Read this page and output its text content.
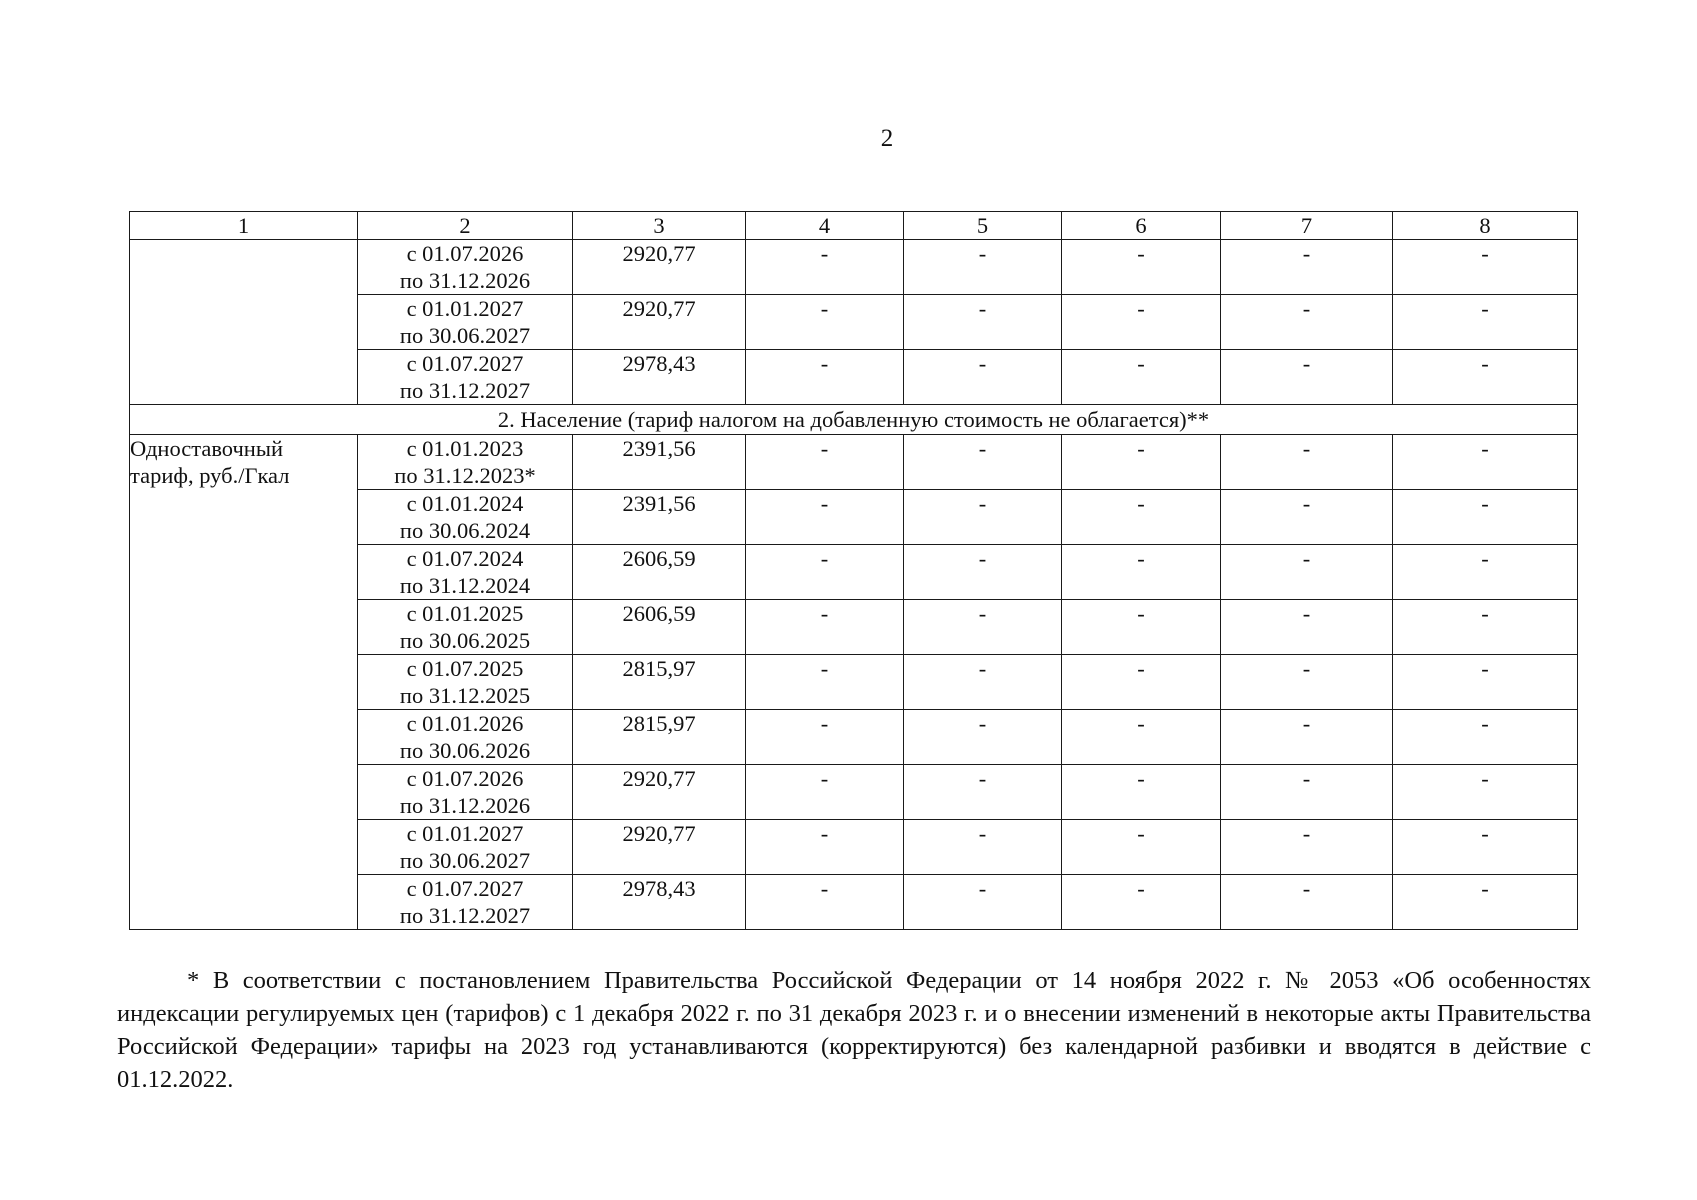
2
1	2	3	4	5	6	7	8

	с 01.07.2026
по 31.12.2026	2920,77	-	-	-	-	-

	с 01.01.2027
по 30.06.2027	2920,77	-	-	-	-	-

	с 01.07.2027
по 31.12.2027	2978,43	-	-	-	-	-
2. Население (тариф налогом на добавленную стоимость не облагается)**							

Одноставочный
тариф, руб./Гкал	с 01.01.2023
по 31.12.2023*	2391,56	-	-	-	-	-

	с 01.01.2024
по 30.06.2024	2391,56	-	-	-	-	-

	с 01.07.2024
по 31.12.2024	2606,59	-	-	-	-	-

	с 01.01.2025
по 30.06.2025	2606,59	-	-	-	-	-

	с 01.07.2025
по 31.12.2025	2815,97	-	-	-	-	-

	с 01.01.2026
по 30.06.2026	2815,97	-	-	-	-	-

	с 01.07.2026
по 31.12.2026	2920,77	-	-	-	-	-

	с 01.01.2027
по 30.06.2027	2920,77	-	-	-	-	-

	с 01.07.2027
по 31.12.2027	2978,43	-	-	-	-	-

* В соответствии с постановлением Правительства Российской Федерации от 14 ноября 2022 г. № 2053 «Об особенностях индексации регулируемых цен (тарифов) с 1 декабря 2022 г. по 31 декабря 2023 г. и о внесении изменений в некоторые акты Правительства Российской Федерации» тарифы на 2023 год устанавливаются (корректируются) без календарной разбивки и вводятся в действие с 01.12.2022.
